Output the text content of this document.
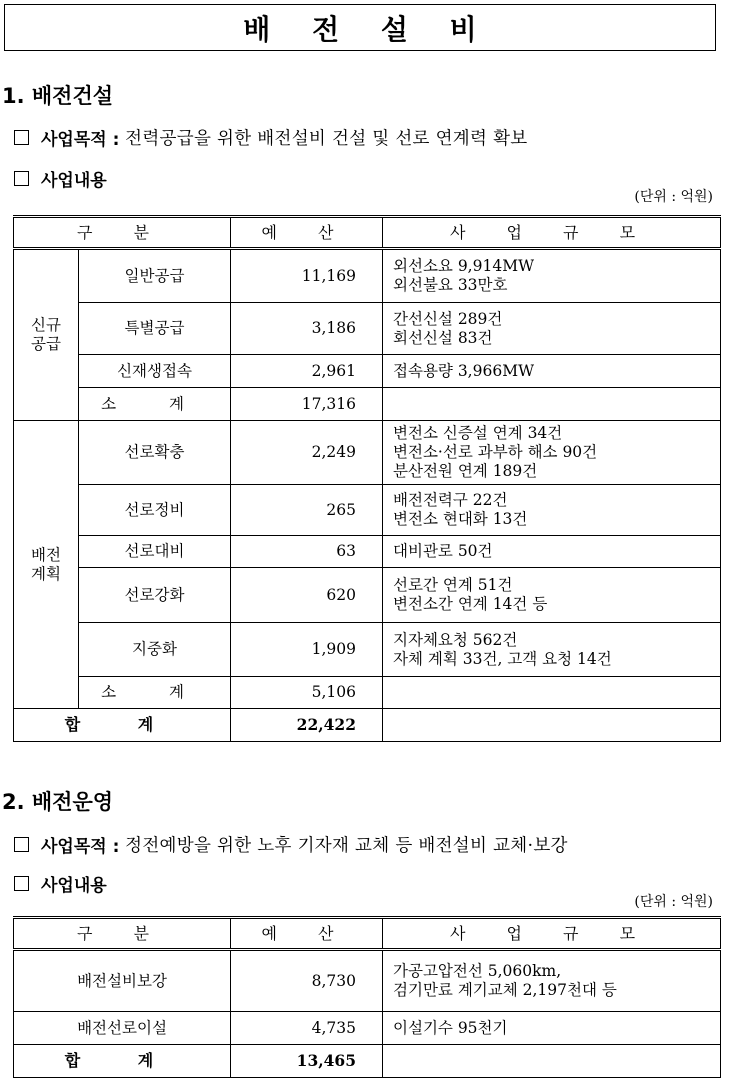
배 전 설 비
1. 배전건설
사업목적 :
전력공급을 위한 배전설비 건설 및 선로 연계력 확보
사업내용
(단위 : 억원)
구 분		예 산	사 업 규 모
신규
공급	일반공급	11,169	외선소요 9,914MW
외선불요 33만호

	특별공급	3,186	간선신설 289건
회선신설 83건

	신재생접속	2,961	접속용량 3,966MW

	소 계	17,316	
배전
계획	선로확충	2,249	변전소 신증설 연계 34건
변전소·선로 과부하 해소 90건
분산전원 연계 189건

	선로정비	265	배전전력구 22건
변전소 현대화 13건

	선로대비	63	대비관로 50건

	선로강화	620	선로간 연계 51건
변전소간 연계 14건 등

	지중화	1,909	지자체요청 562건
자체 계획 33건, 고객 요청 14건

	소 계	5,106	
합 계		22,422	
2. 배전운영
사업목적 :
정전예방을 위한 노후 기자재 교체 등 배전설비 교체·보강
사업내용
(단위 : 억원)
구 분	예 산	사 업 규 모
배전설비보강	8,730	가공고압전선 5,060km,
검기만료 계기교체 2,197천대 등

배전선로이설	4,735	이설기수 95천기

합 계	13,465	
